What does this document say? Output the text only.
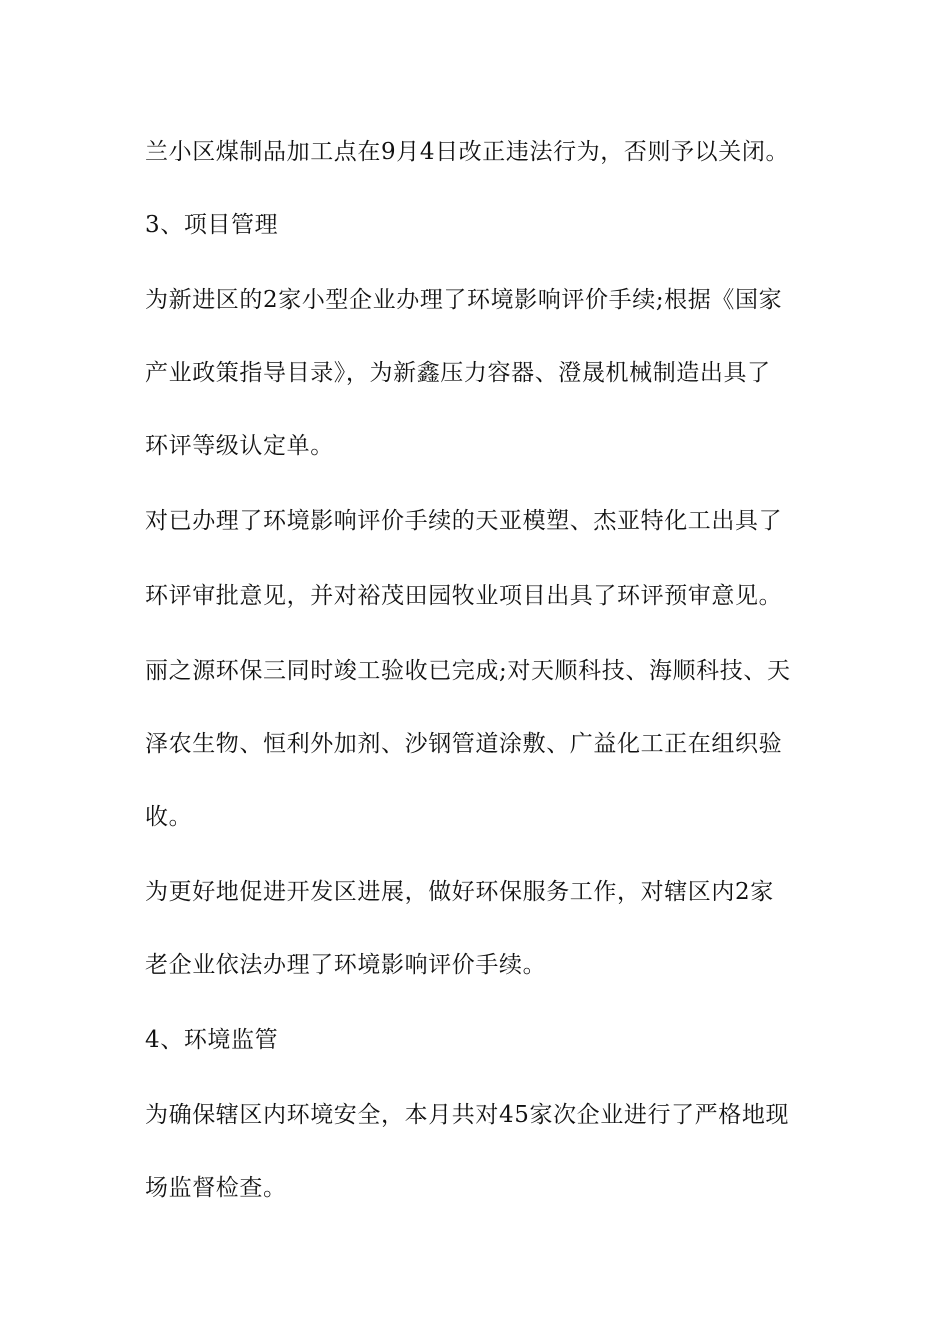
兰小区煤制品加工点在9月4日改正违法行为，否则予以关闭。
3、项目管理
为新进区的2家小型企业办理了环境影响评价手续;根据《国家
产业政策指导目录》，为新鑫压力容器、澄晟机械制造出具了
环评等级认定单。
对已办理了环境影响评价手续的天亚模塑、杰亚特化工出具了
环评审批意见，并对裕茂田园牧业项目出具了环评预审意见。
丽之源环保三同时竣工验收已完成;对天顺科技、海顺科技、天
泽农生物、恒利外加剂、沙钢管道涂敷、广益化工正在组织验
收。
为更好地促进开发区进展，做好环保服务工作，对辖区内2家
老企业依法办理了环境影响评价手续。
4、环境监管
为确保辖区内环境安全，本月共对45家次企业进行了严格地现
场监督检查。
